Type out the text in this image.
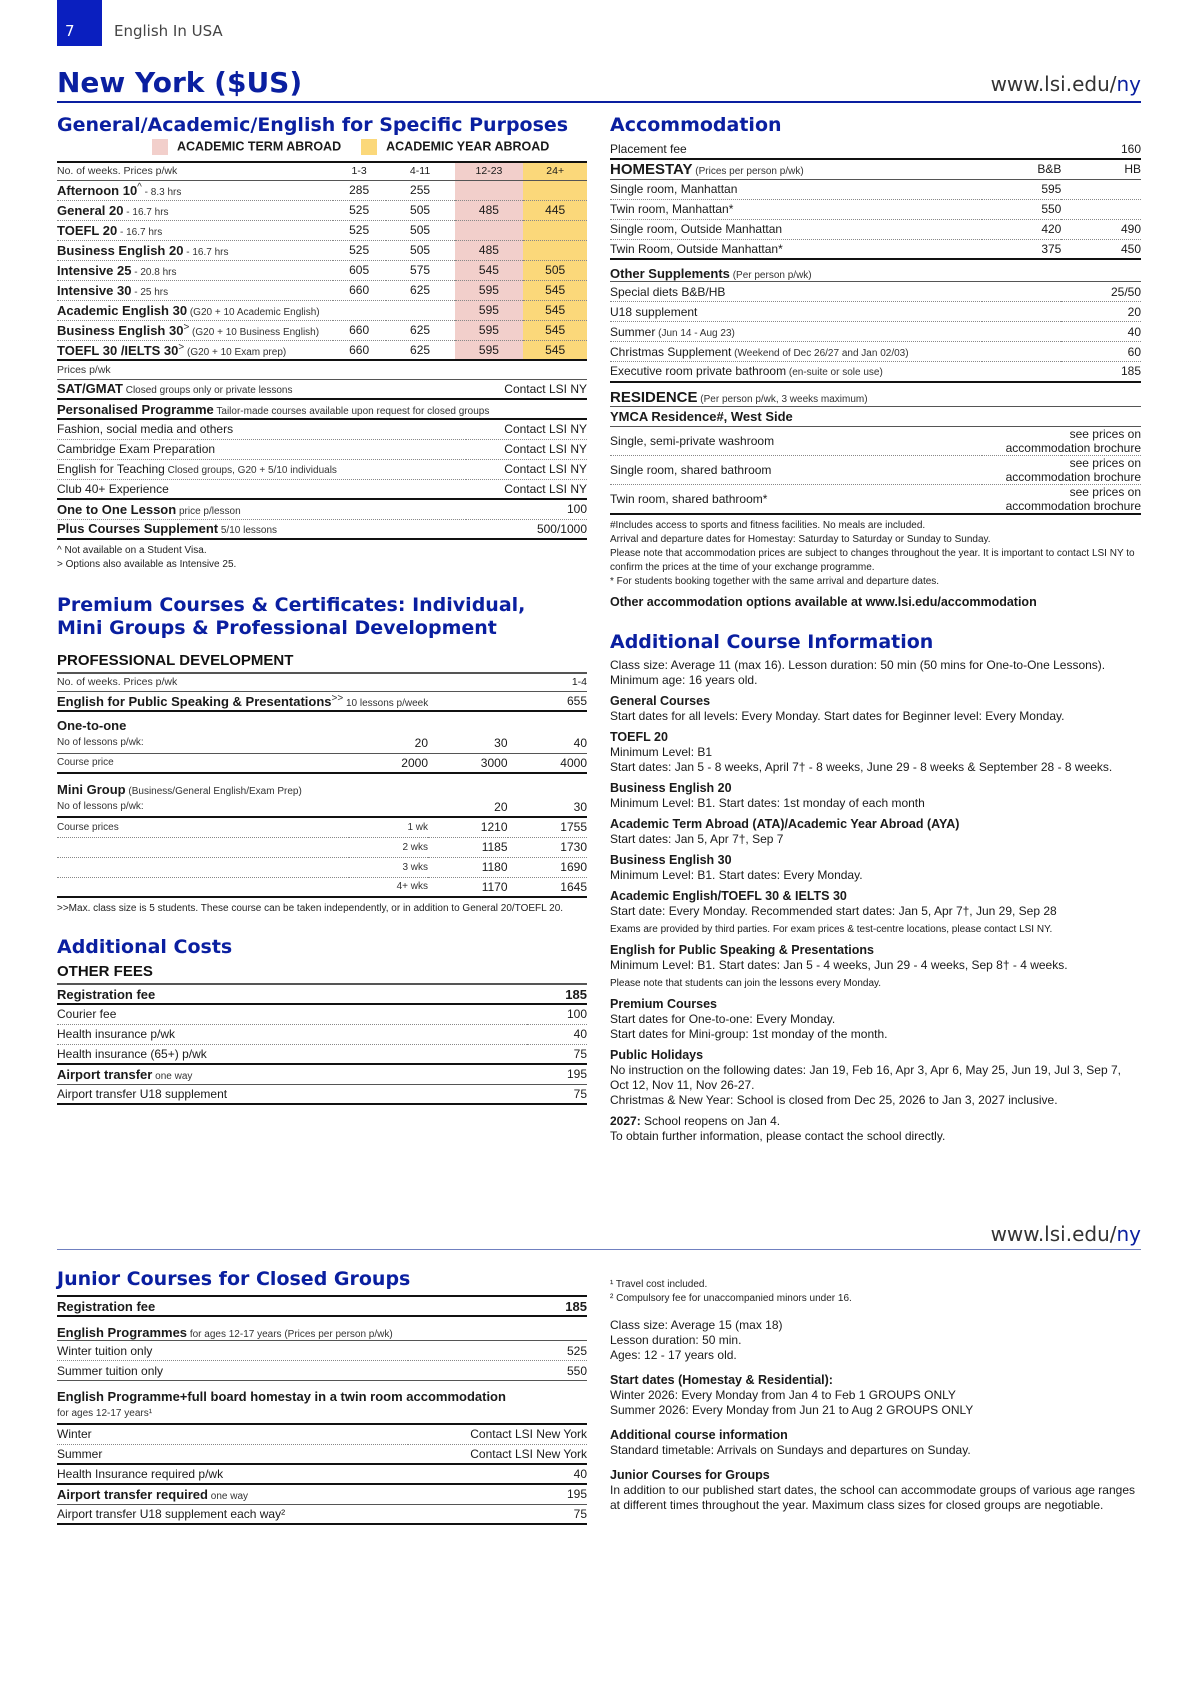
7	English In USA
New York ($US)	www.lsi.edu/ny
General/Academic/English for Specific Purposes
ACADEMIC TERM ABROAD	ACADEMIC YEAR ABROAD
No. of weeks. Prices p/wk	1-3	4-11	12-23	24+
Afternoon 10^ - 8.3 hrs	285	255		
General 20 - 16.7 hrs	525	505	485	445
TOEFL 20 - 16.7 hrs	525	505		
Business English 20 - 16.7 hrs	525	505	485	
Intensive 25 - 20.8 hrs	605	575	545	505
Intensive 30 - 25 hrs	660	625	595	545
Academic English 30 (G20 + 10 Academic English)			595	545
Business English 30> (G20 + 10 Business English)	660	625	595	545
TOEFL 30 /IELTS 30> (G20 + 10 Exam prep)	660	625	595	545
Prices p/wk	
SAT/GMAT Closed groups only or private lessons	Contact LSI NY
Personalised Programme Tailor-made courses available upon request for closed groups	
Fashion, social media and others	Contact LSI NY
Cambridge Exam Preparation	Contact LSI NY
English for Teaching Closed groups, G20 + 5/10 individuals	Contact LSI NY
Club 40+ Experience	Contact LSI NY
One to One Lesson price p/lesson	100
Plus Courses Supplement 5/10 lessons	500/1000
^ Not available on a Student Visa.
> Options also available as Intensive 25.
Premium Courses & Certificates: Individual,
Mini Groups & Professional Development
PROFESSIONAL DEVELOPMENT
No. of weeks. Prices p/wk			1-4
English for Public Speaking & Presentations>> 10 lessons p/week			655
One-to-one			
No of lessons p/wk:	20	30	40
Course price	2000	3000	4000
Mini Group (Business/General English/Exam Prep)			
No of lessons p/wk:		20	30
Course prices	1 wk	1210	1755
	2 wks	1185	1730
	3 wks	1180	1690
	4+ wks	1170	1645
>>Max. class size is 5 students. These course can be taken independently, or in addition to General 20/TOEFL 20.
Additional Costs
OTHER FEES
Registration fee	185
Courier fee	100
Health insurance p/wk	40
Health insurance (65+) p/wk	75
Airport transfer one way	195
Airport transfer U18 supplement	75
Accommodation
Placement fee		160
HOMESTAY (Prices per person p/wk)	B&B	HB
Single room, Manhattan	595	
Twin room, Manhattan*	550	
Single room, Outside Manhattan	420	490
Twin Room, Outside Manhattan*	375	450
Other Supplements (Per person p/wk)		
Special diets B&B/HB		25/50
U18 supplement		20
Summer (Jun 14 - Aug 23)		40
Christmas Supplement (Weekend of Dec 26/27 and Jan 02/03)		60
Executive room private bathroom (en-suite or sole use)		185
RESIDENCE (Per person p/wk, 3 weeks maximum)		
YMCA Residence#, West Side		
Single, semi-private washroom	see prices on accommodation brochure	
Single room, shared bathroom	see prices on accommodation brochure	
Twin room, shared bathroom*	see prices on accommodation brochure	
#Includes access to sports and fitness facilities. No meals are included.
Arrival and departure dates for Homestay: Saturday to Saturday or Sunday to Sunday.
Please note that accommodation prices are subject to changes throughout the year. It is important to contact LSI NY to confirm the prices at the time of your exchange programme.
* For students booking together with the same arrival and departure dates.
Other accommodation options available at www.lsi.edu/accommodation
Additional Course Information

Class size: Average 11 (max 16). Lesson duration: 50 min (50 mins for One-to-One Lessons). Minimum age: 16 years old.

General Courses

Start dates for all levels: Every Monday. Start dates for Beginner level: Every Monday.

TOEFL 20

Minimum Level: B1

Start dates: Jan 5 - 8 weeks, April 7† - 8 weeks, June 29 - 8 weeks & September 28 - 8 weeks.

Business English 20

Minimum Level: B1. Start dates: 1st monday of each month

Academic Term Abroad (ATA)/Academic Year Abroad (AYA)

Start dates: Jan 5, Apr 7†, Sep 7

Business English 30

Minimum Level: B1. Start dates: Every Monday.

Academic English/TOEFL 30 & IELTS 30

Start date: Every Monday. Recommended start dates: Jan 5, Apr 7†, Jun 29, Sep 28

Exams are provided by third parties. For exam prices & test-centre locations, please contact LSI NY.

English for Public Speaking & Presentations

Minimum Level: B1. Start dates: Jan 5 - 4 weeks, Jun 29 - 4 weeks, Sep 8† - 4 weeks.

Please note that students can join the lessons every Monday.

Premium Courses

Start dates for One-to-one: Every Monday.

Start dates for Mini-group: 1st monday of the month.

Public Holidays

No instruction on the following dates: Jan 19, Feb 16, Apr 3, Apr 6, May 25, Jun 19, Jul 3, Sep 7, Oct 12, Nov 11, Nov 26-27.

Christmas & New Year: School is closed from Dec 25, 2026 to Jan 3, 2027 inclusive.

2027: School reopens on Jan 4.

To obtain further information, please contact the school directly.

www.lsi.edu/ny
Junior Courses for Closed Groups
Registration fee	185
English Programmes for ages 12-17 years (Prices per person p/wk)	
Winter tuition only	525
Summer tuition only	550
English Programme+full board homestay in a twin room accommodation	
for ages 12-17 years¹	
Winter	Contact LSI New York
Summer	Contact LSI New York
Health Insurance required p/wk	40
Airport transfer required one way	195
Airport transfer U18 supplement each way²	75
¹ Travel cost included.
² Compulsory fee for unaccompanied minors under 16.

Class size: Average 15 (max 18)

Lesson duration: 50 min.

Ages: 12 - 17 years old.

Start dates (Homestay & Residential):

Winter 2026: Every Monday from Jan 4 to Feb 1 GROUPS ONLY

Summer 2026: Every Monday from Jun 21 to Aug 2 GROUPS ONLY

Additional course information

Standard timetable: Arrivals on Sundays and departures on Sunday.

Junior Courses for Groups

In addition to our published start dates, the school can accommodate groups of various age ranges at different times throughout the year. Maximum class sizes for closed groups are negotiable.
